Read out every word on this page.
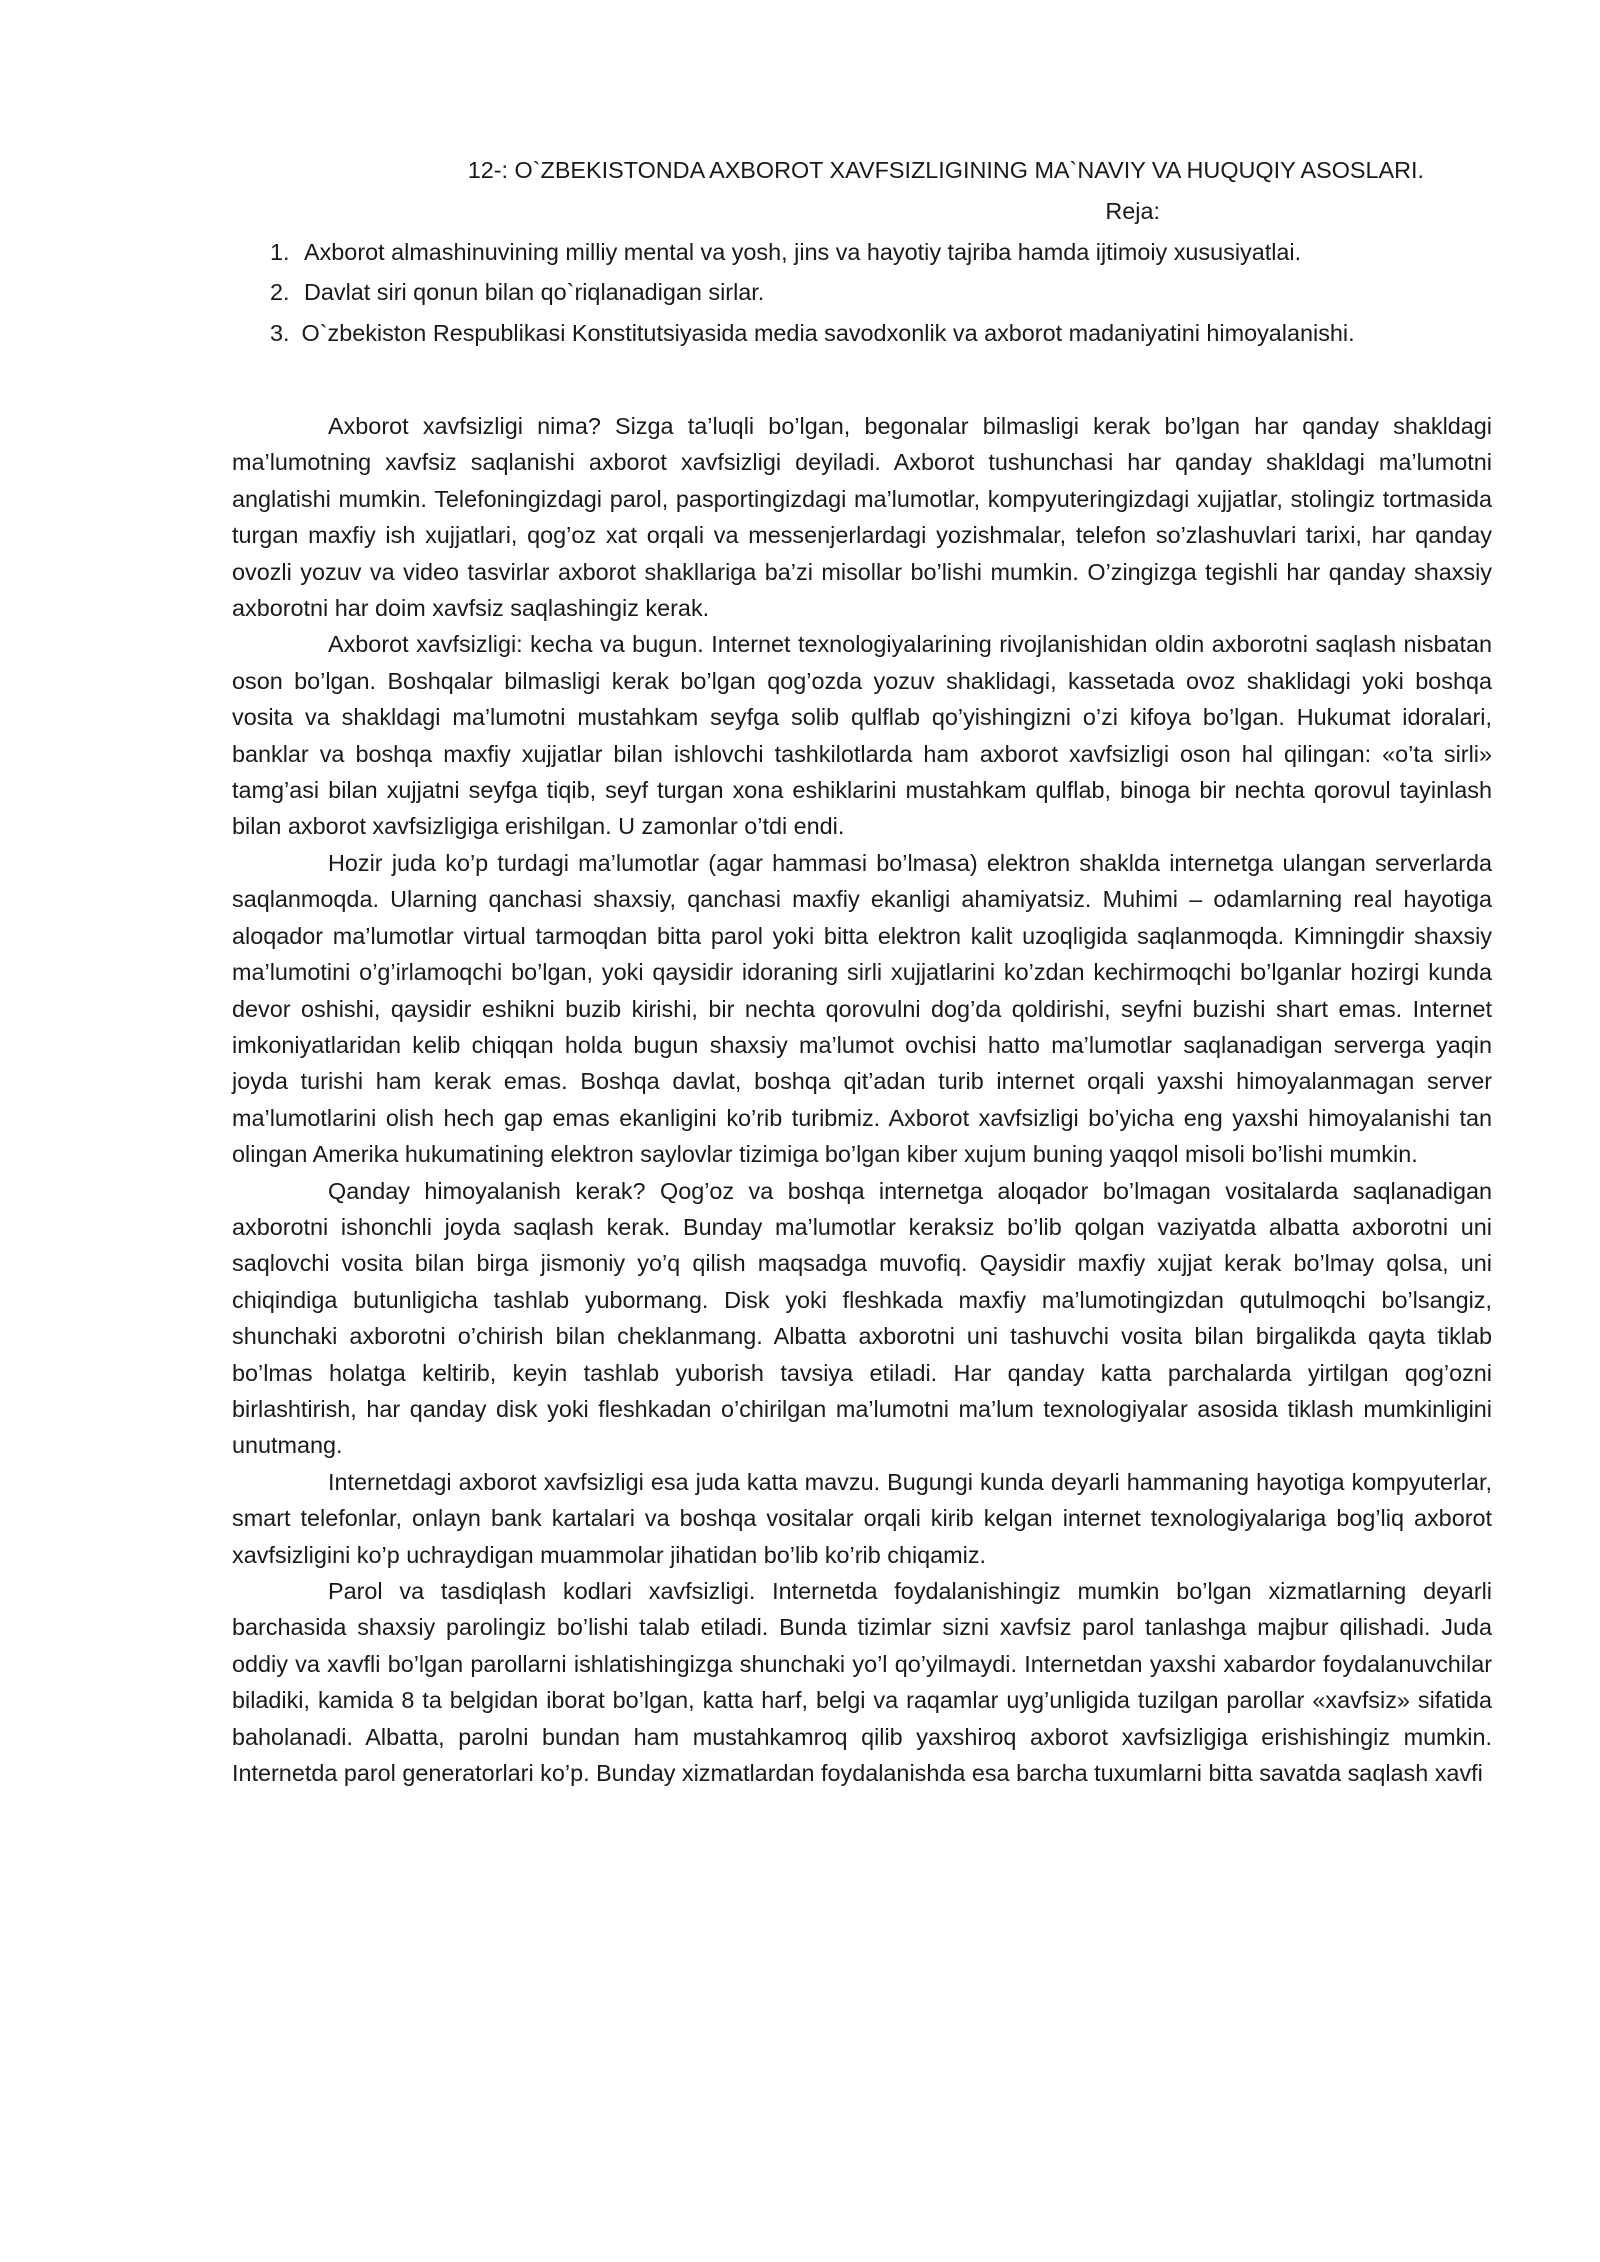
12-: O`ZBEKISTONDA AXBOROT XAVFSIZLIGINING MA`NAVIY VA HUQUQIY ASOSLARI.
Reja:
1. Axborot almashinuvining milliy mental va yosh, jins va hayotiy tajriba hamda ijtimoiy xususiyatlai.
2. Davlat siri qonun bilan qo`riqlanadigan sirlar.
3. O`zbekiston Respublikasi Konstitutsiyasida media savodxonlik va axborot madaniyatini himoyalanishi.

Axborot xavfsizligi nima? Sizga ta’luqli bo’lgan, begonalar bilmasligi kerak bo’lgan har qanday shakldagi ma’lumotning xavfsiz saqlanishi axborot xavfsizligi deyiladi. Axborot tushunchasi har qanday shakldagi ma’lumotni anglatishi mumkin. Telefoningizdagi parol, pasportingizdagi ma’lumotlar, kompyuteringizdagi xujjatlar, stolingiz tortmasida turgan maxfiy ish xujjatlari, qog’oz xat orqali va messenjerlardagi yozishmalar, telefon so’zlashuvlari tarixi, har qanday ovozli yozuv va video tasvirlar axborot shakllariga ba’zi misollar bo’lishi mumkin. O’zingizga tegishli har qanday shaxsiy axborotni har doim xavfsiz saqlashingiz kerak.

Axborot xavfsizligi: kecha va bugun. Internet texnologiyalarining rivojlanishidan oldin axborotni saqlash nisbatan oson bo’lgan. Boshqalar bilmasligi kerak bo’lgan qog’ozda yozuv shaklidagi, kassetada ovoz shaklidagi yoki boshqa vosita va shakldagi ma’lumotni mustahkam seyfga solib qulflab qo’yishingizni o’zi kifoya bo’lgan. Hukumat idoralari, banklar va boshqa maxfiy xujjatlar bilan ishlovchi tashkilotlarda ham axborot xavfsizligi oson hal qilingan: «o’ta sirli» tamg’asi bilan xujjatni seyfga tiqib, seyf turgan xona eshiklarini mustahkam qulflab, binoga bir nechta qorovul tayinlash bilan axborot xavfsizligiga erishilgan. U zamonlar o’tdi endi.

Hozir juda ko’p turdagi ma’lumotlar (agar hammasi bo’lmasa) elektron shaklda internetga ulangan serverlarda saqlanmoqda. Ularning qanchasi shaxsiy, qanchasi maxfiy ekanligi ahamiyatsiz. Muhimi – odamlarning real hayotiga aloqador ma’lumotlar virtual tarmoqdan bitta parol yoki bitta elektron kalit uzoqligida saqlanmoqda. Kimningdir shaxsiy ma’lumotini o’g’irlamoqchi bo’lgan, yoki qaysidir idoraning sirli xujjatlarini ko’zdan kechirmoqchi bo’lganlar hozirgi kunda devor oshishi, qaysidir eshikni buzib kirishi, bir nechta qorovulni dog’da qoldirishi, seyfni buzishi shart emas. Internet imkoniyatlaridan kelib chiqqan holda bugun shaxsiy ma’lumot ovchisi hatto ma’lumotlar saqlanadigan serverga yaqin joyda turishi ham kerak emas. Boshqa davlat, boshqa qit’adan turib internet orqali yaxshi himoyalanmagan server ma’lumotlarini olish hech gap emas ekanligini ko’rib turibmiz. Axborot xavfsizligi bo’yicha eng yaxshi himoyalanishi tan olingan Amerika hukumatining elektron saylovlar tizimiga bo’lgan kiber xujum buning yaqqol misoli bo’lishi mumkin.

Qanday himoyalanish kerak? Qog’oz va boshqa internetga aloqador bo’lmagan vositalarda saqlanadigan axborotni ishonchli joyda saqlash kerak. Bunday ma’lumotlar keraksiz bo’lib qolgan vaziyatda albatta axborotni uni saqlovchi vosita bilan birga jismoniy yo’q qilish maqsadga muvofiq. Qaysidir maxfiy xujjat kerak bo’lmay qolsa, uni chiqindiga butunligicha tashlab yubormang. Disk yoki fleshkada maxfiy ma’lumotingizdan qutulmoqchi bo’lsangiz, shunchaki axborotni o’chirish bilan cheklanmang. Albatta axborotni uni tashuvchi vosita bilan birgalikda qayta tiklab bo’lmas holatga keltirib, keyin tashlab yuborish tavsiya etiladi. Har qanday katta parchalarda yirtilgan qog’ozni birlashtirish, har qanday disk yoki fleshkadan o’chirilgan ma’lumotni ma’lum texnologiyalar asosida tiklash mumkinligini unutmang.

Internetdagi axborot xavfsizligi esa juda katta mavzu. Bugungi kunda deyarli hammaning hayotiga kompyuterlar, smart telefonlar, onlayn bank kartalari va boshqa vositalar orqali kirib kelgan internet texnologiyalariga bog’liq axborot xavfsizligini ko’p uchraydigan muammolar jihatidan bo’lib ko’rib chiqamiz.

Parol va tasdiqlash kodlari xavfsizligi. Internetda foydalanishingiz mumkin bo’lgan xizmatlarning deyarli barchasida shaxsiy parolingiz bo’lishi talab etiladi. Bunda tizimlar sizni xavfsiz parol tanlashga majbur qilishadi. Juda oddiy va xavfli bo’lgan parollarni ishlatishingizga shunchaki yo’l qo’yilmaydi. Internetdan yaxshi xabardor foydalanuvchilar biladiki, kamida 8 ta belgidan iborat bo’lgan, katta harf, belgi va raqamlar uyg’unligida tuzilgan parollar «xavfsiz» sifatida baholanadi. Albatta, parolni bundan ham mustahkamroq qilib yaxshiroq axborot xavfsizligiga erishishingiz mumkin. Internetda parol generatorlari ko’p. Bunday xizmatlardan foydalanishda esa barcha tuxumlarni bitta savatda saqlash xavfi
